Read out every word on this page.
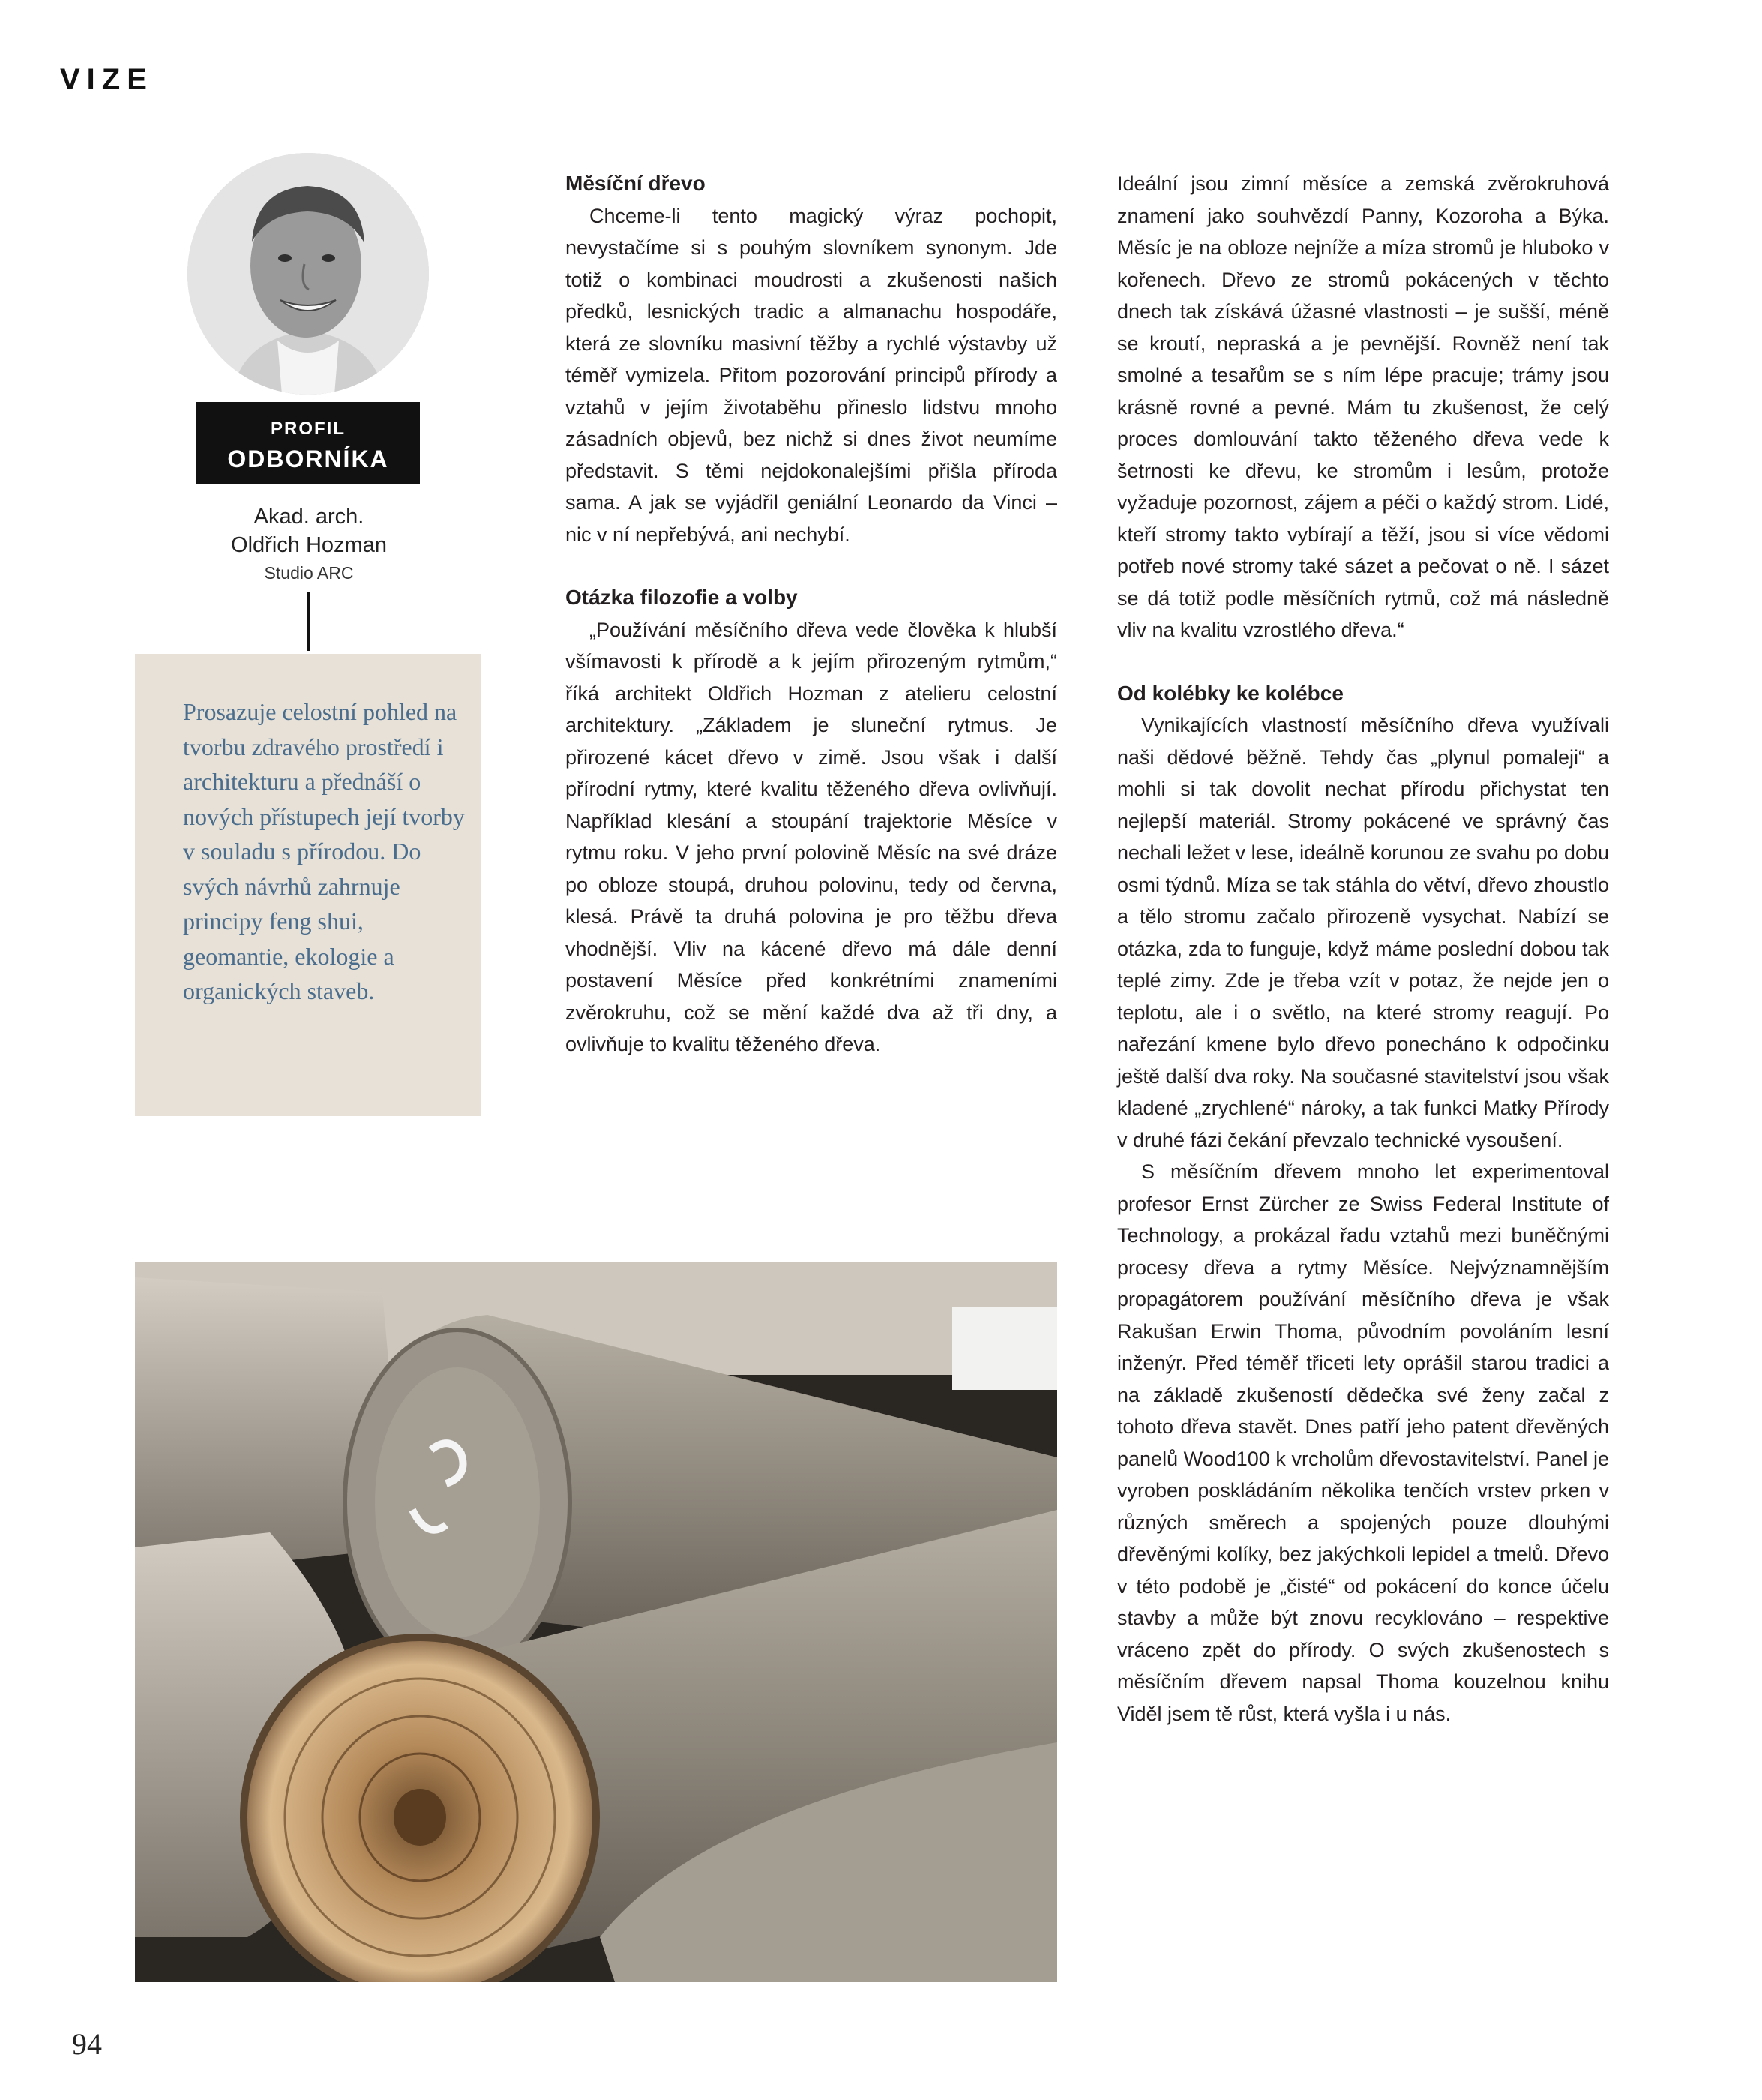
VIZE
PROFIL
ODBORNÍKA
Akad. arch.
Oldřich Hozman
Studio ARC

Prosazuje celostní pohled na tvorbu zdravého prostředí i architekturu a přednáší o nových přístupech její tvorby v souladu s přírodou. Do svých návrhů zahrnuje principy feng shui, geomantie, ekologie a organických staveb.

Měsíční dřevo

Chceme-li tento magický výraz pochopit, nevystačíme si s pouhým slovníkem synonym. Jde totiž o kombinaci moudrosti a zkušenosti našich předků, lesnických tradic a almanachu hospodáře, která ze slovníku masivní těžby a rychlé výstavby už téměř vymizela. Přitom pozorování principů přírody a vztahů v jejím životaběhu přineslo lidstvu mnoho zásadních objevů, bez nichž si dnes život neumíme představit. S těmi nejdokonalejšími přišla příroda sama. A jak se vyjádřil geniální Leonardo da Vinci – nic v ní nepřebývá, ani nechybí.

Otázka filozofie a volby

„Používání měsíčního dřeva vede člověka k hlubší všímavosti k přírodě a k jejím přirozeným rytmům,“ říká architekt Oldřich Hozman z atelieru celostní architektury. „Základem je sluneční rytmus. Je přirozené kácet dřevo v zimě. Jsou však i další přírodní rytmy, které kvalitu těženého dřeva ovlivňují. Například klesání a stoupání trajektorie Měsíce v rytmu roku. V jeho první polovině Měsíc na své dráze po obloze stoupá, druhou polovinu, tedy od června, klesá. Právě ta druhá polovina je pro těžbu dřeva vhodnější. Vliv na kácené dřevo má dále denní postavení Měsíce před konkrétními znameními zvěrokruhu, což se mění každé dva až tři dny, a ovlivňuje to kvalitu těženého dřeva.

Ideální jsou zimní měsíce a zemská zvěrokruhová znamení jako souhvězdí Panny, Kozoroha a Býka. Měsíc je na obloze nejníže a míza stromů je hluboko v kořenech. Dřevo ze stromů pokácených v těchto dnech tak získává úžasné vlastnosti – je sušší, méně se kroutí, nepraská a je pevnější. Rovněž není tak smolné a tesařům se s ním lépe pracuje; trámy jsou krásně rovné a pevné. Mám tu zkušenost, že celý proces domlouvání takto těženého dřeva vede k šetrnosti ke dřevu, ke stromům i lesům, protože vyžaduje pozornost, zájem a péči o každý strom. Lidé, kteří stromy takto vybírají a těží, jsou si více vědomi potřeb nové stromy také sázet a pečovat o ně. I sázet se dá totiž podle měsíčních rytmů, což má následně vliv na kvalitu vzrostlého dřeva.“

Od kolébky ke kolébce

Vynikajících vlastností měsíčního dřeva využívali naši dědové běžně. Tehdy čas „plynul pomaleji“ a mohli si tak dovolit nechat přírodu přichystat ten nejlepší materiál. Stromy pokácené ve správný čas nechali ležet v lese, ideálně korunou ze svahu po dobu osmi týdnů. Míza se tak stáhla do větví, dřevo zhoustlo a tělo stromu začalo přirozeně vysychat. Nabízí se otázka, zda to funguje, když máme poslední dobou tak teplé zimy. Zde je třeba vzít v potaz, že nejde jen o teplotu, ale i o světlo, na které stromy reagují. Po nařezání kmene bylo dřevo ponecháno k odpočinku ještě další dva roky. Na současné stavitelství jsou však kladené „zrychlené“ nároky, a tak funkci Matky Přírody v druhé fázi čekání převzalo technické vysoušení.

S měsíčním dřevem mnoho let experimentoval profesor Ernst Zürcher ze Swiss Federal Institute of Technology, a prokázal řadu vztahů mezi buněčnými procesy dřeva a rytmy Měsíce. Nejvýznamnějším propagátorem používání měsíčního dřeva je však Rakušan Erwin Thoma, původním povoláním lesní inženýr. Před téměř třiceti lety oprášil starou tradici a na základě zkušeností dědečka své ženy začal z tohoto dřeva stavět. Dnes patří jeho patent dřevěných panelů Wood100 k vrcholům dřevostavitelství. Panel je vyroben poskládáním několika tenčích vrstev prken v různých směrech a spojených pouze dlouhými dřevěnými kolíky, bez jakýchkoli lepidel a tmelů. Dřevo v této podobě je „čisté“ od pokácení do konce účelu stavby a může být znovu recyklováno – respektive vráceno zpět do přírody. O svých zkušenostech s měsíčním dřevem napsal Thoma kouzelnou knihu Viděl jsem tě růst, která vyšla i u nás.

94
